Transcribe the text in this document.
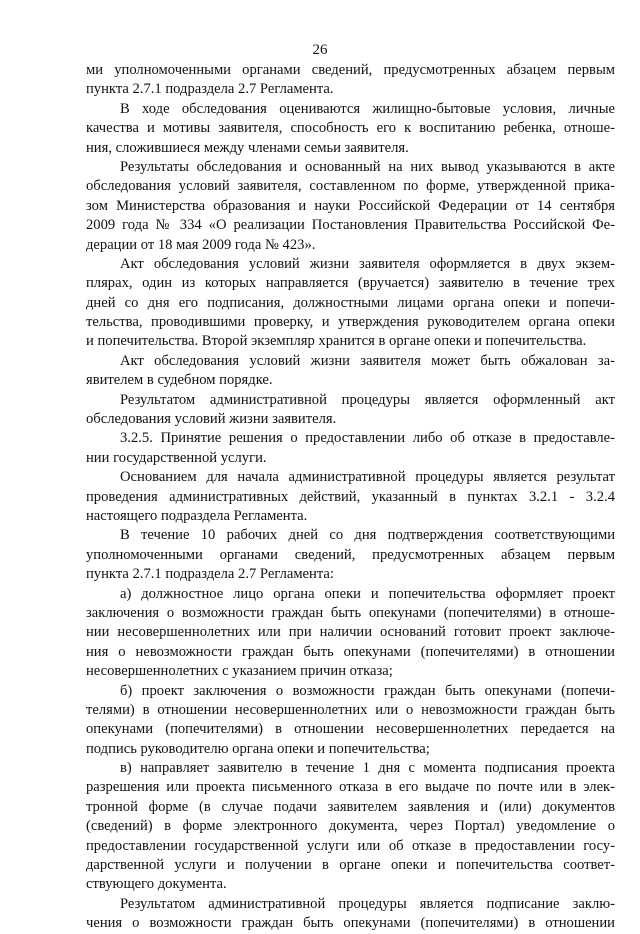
26
ми уполномоченными органами сведений, предусмотренных абзацем первым
пункта 2.7.1 подраздела 2.7 Регламента.
В ходе обследования оцениваются жилищно-бытовые условия, личные
качества и мотивы заявителя, способность его к воспитанию ребенка, отноше-
ния, сложившиеся между членами семьи заявителя.
Результаты обследования и основанный на них вывод указываются в акте
обследования условий заявителя, составленном по форме, утвержденной прика-
зом Министерства образования и науки Российской Федерации от 14 сентября
2009 года № 334 «О реализации Постановления Правительства Российской Фе-
дерации от 18 мая 2009 года № 423».
Акт обследования условий жизни заявителя оформляется в двух экзем-
плярах, один из которых направляется (вручается) заявителю в течение трех
дней со дня его подписания, должностными лицами органа опеки и попечи-
тельства, проводившими проверку, и утверждения руководителем органа опеки
и попечительства. Второй экземпляр хранится в органе опеки и попечительства.
Акт обследования условий жизни заявителя может быть обжалован за-
явителем в судебном порядке.
Результатом административной процедуры является оформленный акт
обследования условий жизни заявителя.
3.2.5. Принятие решения о предоставлении либо об отказе в предоставле-
нии государственной услуги.
Основанием для начала административной процедуры является результат
проведения административных действий, указанный в пунктах 3.2.1 - 3.2.4
настоящего подраздела Регламента.
В течение 10 рабочих дней со дня подтверждения соответствующими
уполномоченными органами сведений, предусмотренных абзацем первым
пункта 2.7.1 подраздела 2.7 Регламента:
а) должностное лицо органа опеки и попечительства оформляет проект
заключения о возможности граждан быть опекунами (попечителями) в отноше-
нии несовершеннолетних или при наличии оснований готовит проект заключе-
ния о невозможности граждан быть опекунами (попечителями) в отношении
несовершеннолетних с указанием причин отказа;
б) проект заключения о возможности граждан быть опекунами (попечи-
телями) в отношении несовершеннолетних или о невозможности граждан быть
опекунами (попечителями) в отношении несовершеннолетних передается на
подпись руководителю органа опеки и попечительства;
в) направляет заявителю в течение 1 дня с момента подписания проекта
разрешения или проекта письменного отказа в его выдаче по почте или в элек-
тронной форме (в случае подачи заявителем заявления и (или) документов
(сведений) в форме электронного документа, через Портал) уведомление о
предоставлении государственной услуги или об отказе в предоставлении госу-
дарственной услуги и получении в органе опеки и попечительства соответ-
ствующего документа.
Результатом административной процедуры является подписание заклю-
чения о возможности граждан быть опекунами (попечителями) в отношении
